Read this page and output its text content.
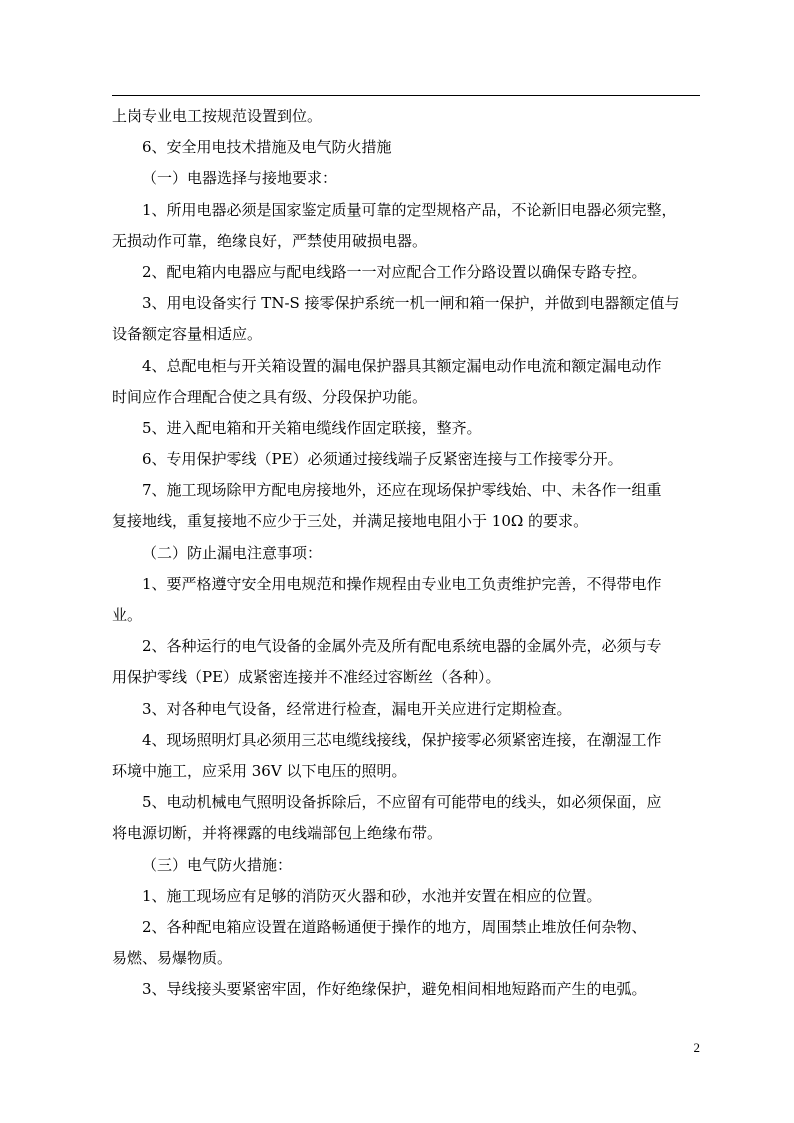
上岗专业电工按规范设置到位。
6、安全用电技术措施及电气防火措施
（一）电器选择与接地要求：
1、所用电器必须是国家鉴定质量可靠的定型规格产品，不论新旧电器必须完整，
无损动作可靠，绝缘良好，严禁使用破损电器。
2、配电箱内电器应与配电线路一一对应配合工作分路设置以确保专路专控。
3、用电设备实行 TN-S 接零保护系统一机一闸和箱一保护，并做到电器额定值与
设备额定容量相适应。
4、总配电柜与开关箱设置的漏电保护器具其额定漏电动作电流和额定漏电动作
时间应作合理配合使之具有级、分段保护功能。
5、进入配电箱和开关箱电缆线作固定联接，整齐。
6、专用保护零线（PE）必须通过接线端子反紧密连接与工作接零分开。
7、施工现场除甲方配电房接地外，还应在现场保护零线始、中、未各作一组重
复接地线，重复接地不应少于三处，并满足接地电阻小于 10Ω 的要求。
（二）防止漏电注意事项：
1、要严格遵守安全用电规范和操作规程由专业电工负责维护完善，不得带电作
业。
2、各种运行的电气设备的金属外壳及所有配电系统电器的金属外壳，必须与专
用保护零线（PE）成紧密连接并不准经过容断丝（各种）。
3、对各种电气设备，经常进行检查，漏电开关应进行定期检查。
4、现场照明灯具必须用三芯电缆线接线，保护接零必须紧密连接，在潮湿工作
环境中施工，应采用 36V 以下电压的照明。
5、电动机械电气照明设备拆除后，不应留有可能带电的线头，如必须保面，应
将电源切断，并将裸露的电线端部包上绝缘布带。
（三）电气防火措施：
1、施工现场应有足够的消防灭火器和砂，水池并安置在相应的位置。
2、各种配电箱应设置在道路畅通便于操作的地方，周围禁止堆放任何杂物、
易燃、易爆物质。
3、导线接头要紧密牢固，作好绝缘保护，避免相间相地短路而产生的电弧。
2
